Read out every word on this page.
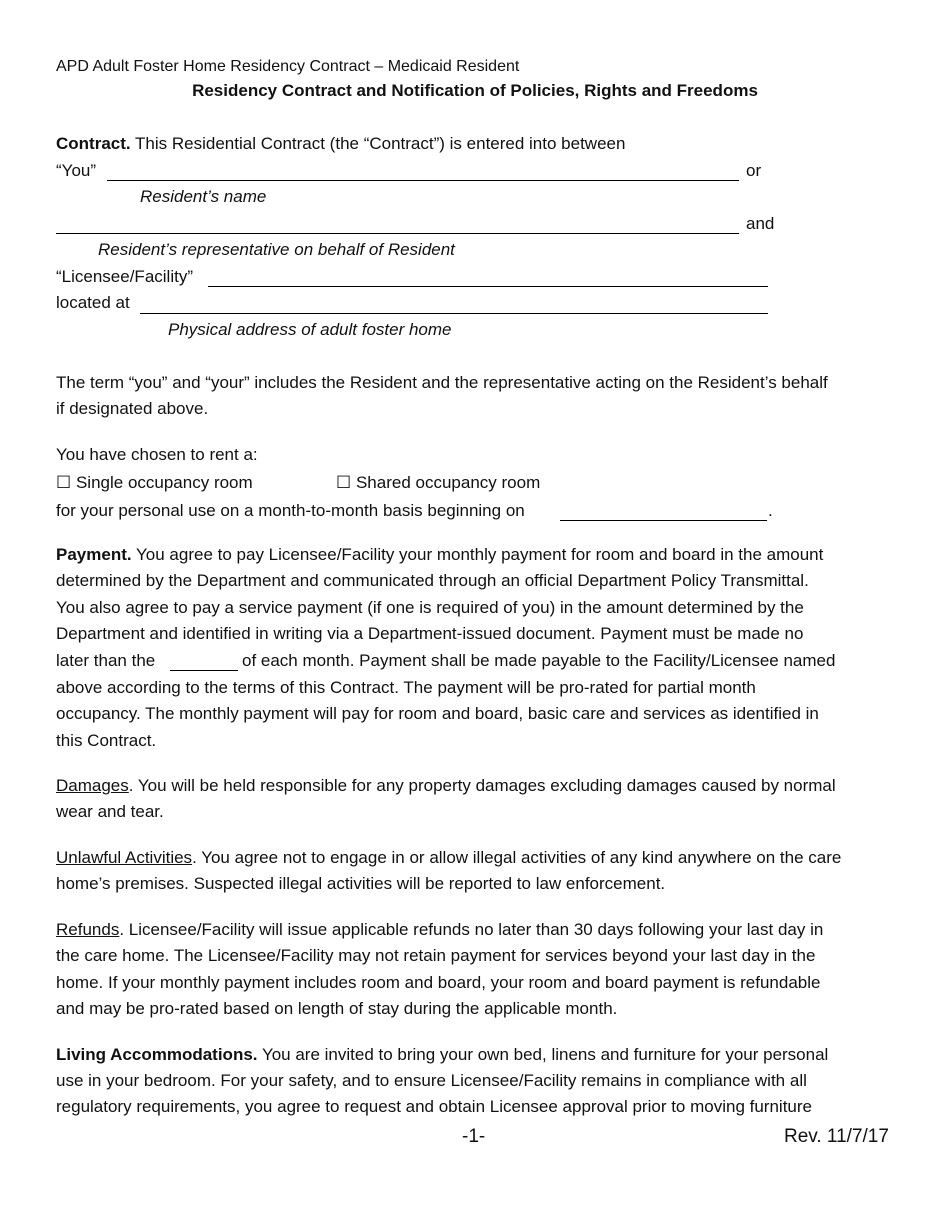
APD Adult Foster Home Residency Contract – Medicaid Resident
Residency Contract and Notification of Policies, Rights and Freedoms
Contract. This Residential Contract (the “Contract”) is entered into between
“You”	or
Resident’s name
and
Resident’s representative on behalf of Resident
“Licensee/Facility”
located at
Physical address of adult foster home
The term “you” and “your” includes the Resident and the representative acting on the Resident’s behalf
if designated above.
You have chosen to rent a:
☐ Single occupancy room	☐ Shared occupancy room
for your personal use on a month-to-month basis beginning on	.
Payment. You agree to pay Licensee/Facility your monthly payment for room and board in the amount
determined by the Department and communicated through an official Department Policy Transmittal.
You also agree to pay a service payment (if one is required of you) in the amount determined by the
Department and identified in writing via a Department-issued document. Payment must be made no
later than the	of each month. Payment shall be made payable to the Facility/Licensee named
above according to the terms of this Contract. The payment will be pro-rated for partial month
occupancy. The monthly payment will pay for room and board, basic care and services as identified in
this Contract.
Damages. You will be held responsible for any property damages excluding damages caused by normal
wear and tear.
Unlawful Activities. You agree not to engage in or allow illegal activities of any kind anywhere on the care
home’s premises. Suspected illegal activities will be reported to law enforcement.
Refunds. Licensee/Facility will issue applicable refunds no later than 30 days following your last day in
the care home. The Licensee/Facility may not retain payment for services beyond your last day in the
home. If your monthly payment includes room and board, your room and board payment is refundable
and may be pro-rated based on length of stay during the applicable month.
Living Accommodations. You are invited to bring your own bed, linens and furniture for your personal
use in your bedroom. For your safety, and to ensure Licensee/Facility remains in compliance with all
regulatory requirements, you agree to request and obtain Licensee approval prior to moving furniture
-1-	Rev. 11/7/17
